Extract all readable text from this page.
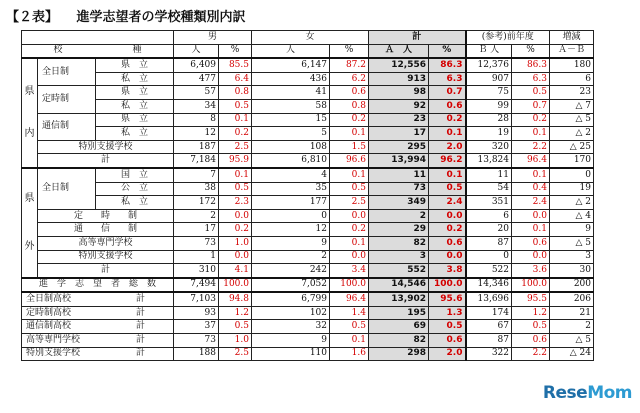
【２表】 進学志望者の学校種類別内訳
			男		女		計		(参考)前年度		増減
校 種			人	%	人	%	Ａ　人	%	Ｂ 人	%	Ａ－Ｂ
県
内	全日制	県　立	6,409	85.5	6,147	87.2	12,556	86.3	12,376	86.3	180
		私　立	477	6.4	436	6.2	913	6.3	907	6.3	6
	定時制	県　立	57	0.8	41	0.6	98	0.7	75	0.5	23
		私　立	34	0.5	58	0.8	92	0.6	99	0.7	△ 7
	通信制	県　立	8	0.1	15	0.2	23	0.2	28	0.2	△ 5
		私　立	12	0.2	5	0.1	17	0.1	19	0.1	△ 2
	特別支援学校		187	2.5	108	1.5	295	2.0	320	2.2	△ 25
	計		7,184	95.9	6,810	96.6	13,994	96.2	13,824	96.4	170
県
外	全日制	国　立	7	0.1	4	0.1	11	0.1	11	0.1	0
		公　立	38	0.5	35	0.5	73	0.5	54	0.4	19
		私　立	172	2.3	177	2.5	349	2.4	351	2.4	△ 2
	定　　時　　制		2	0.0	0	0.0	2	0.0	6	0.0	△ 4
	通　　信　　制		17	0.2	12	0.2	29	0.2	20	0.1	9
	高等専門学校		73	1.0	9	0.1	82	0.6	87	0.6	△ 5
	特別支援学校		1	0.0	2	0.0	3	0.0	0	0.0	3
	計		310	4.1	242	3.4	552	3.8	522	3.6	30
進　学　志　望　者　総　数			7,494	100.0	7,052	100.0	14,546	100.0	14,346	100.0	200
全日制高校 計			7,103	94.8	6,799	96.4	13,902	95.6	13,696	95.5	206
定時制高校 計			93	1.2	102	1.4	195	1.3	174	1.2	21
通信制高校 計			37	0.5	32	0.5	69	0.5	67	0.5	2
高等専門学校 計			73	1.0	9	0.1	82	0.6	87	0.6	△ 5
特別支援学校 計			188	2.5	110	1.6	298	2.0	322	2.2	△ 24
ReseMom
